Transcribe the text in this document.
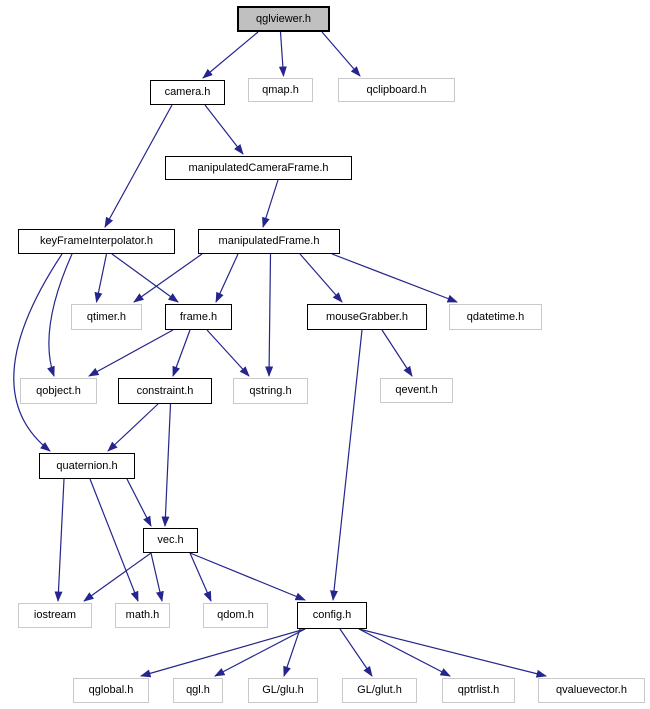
qglviewer.h
camera.h	qmap.h	qclipboard.h
manipulatedCameraFrame.h
keyFrameInterpolator.h	manipulatedFrame.h
qtimer.h	frame.h	mouseGrabber.h	qdatetime.h
qobject.h	constraint.h	qstring.h	qevent.h
quaternion.h
vec.h
iostream	math.h	qdom.h	config.h
qglobal.h	qgl.h	GL/glu.h	GL/glut.h	qptrlist.h	qvaluevector.h
